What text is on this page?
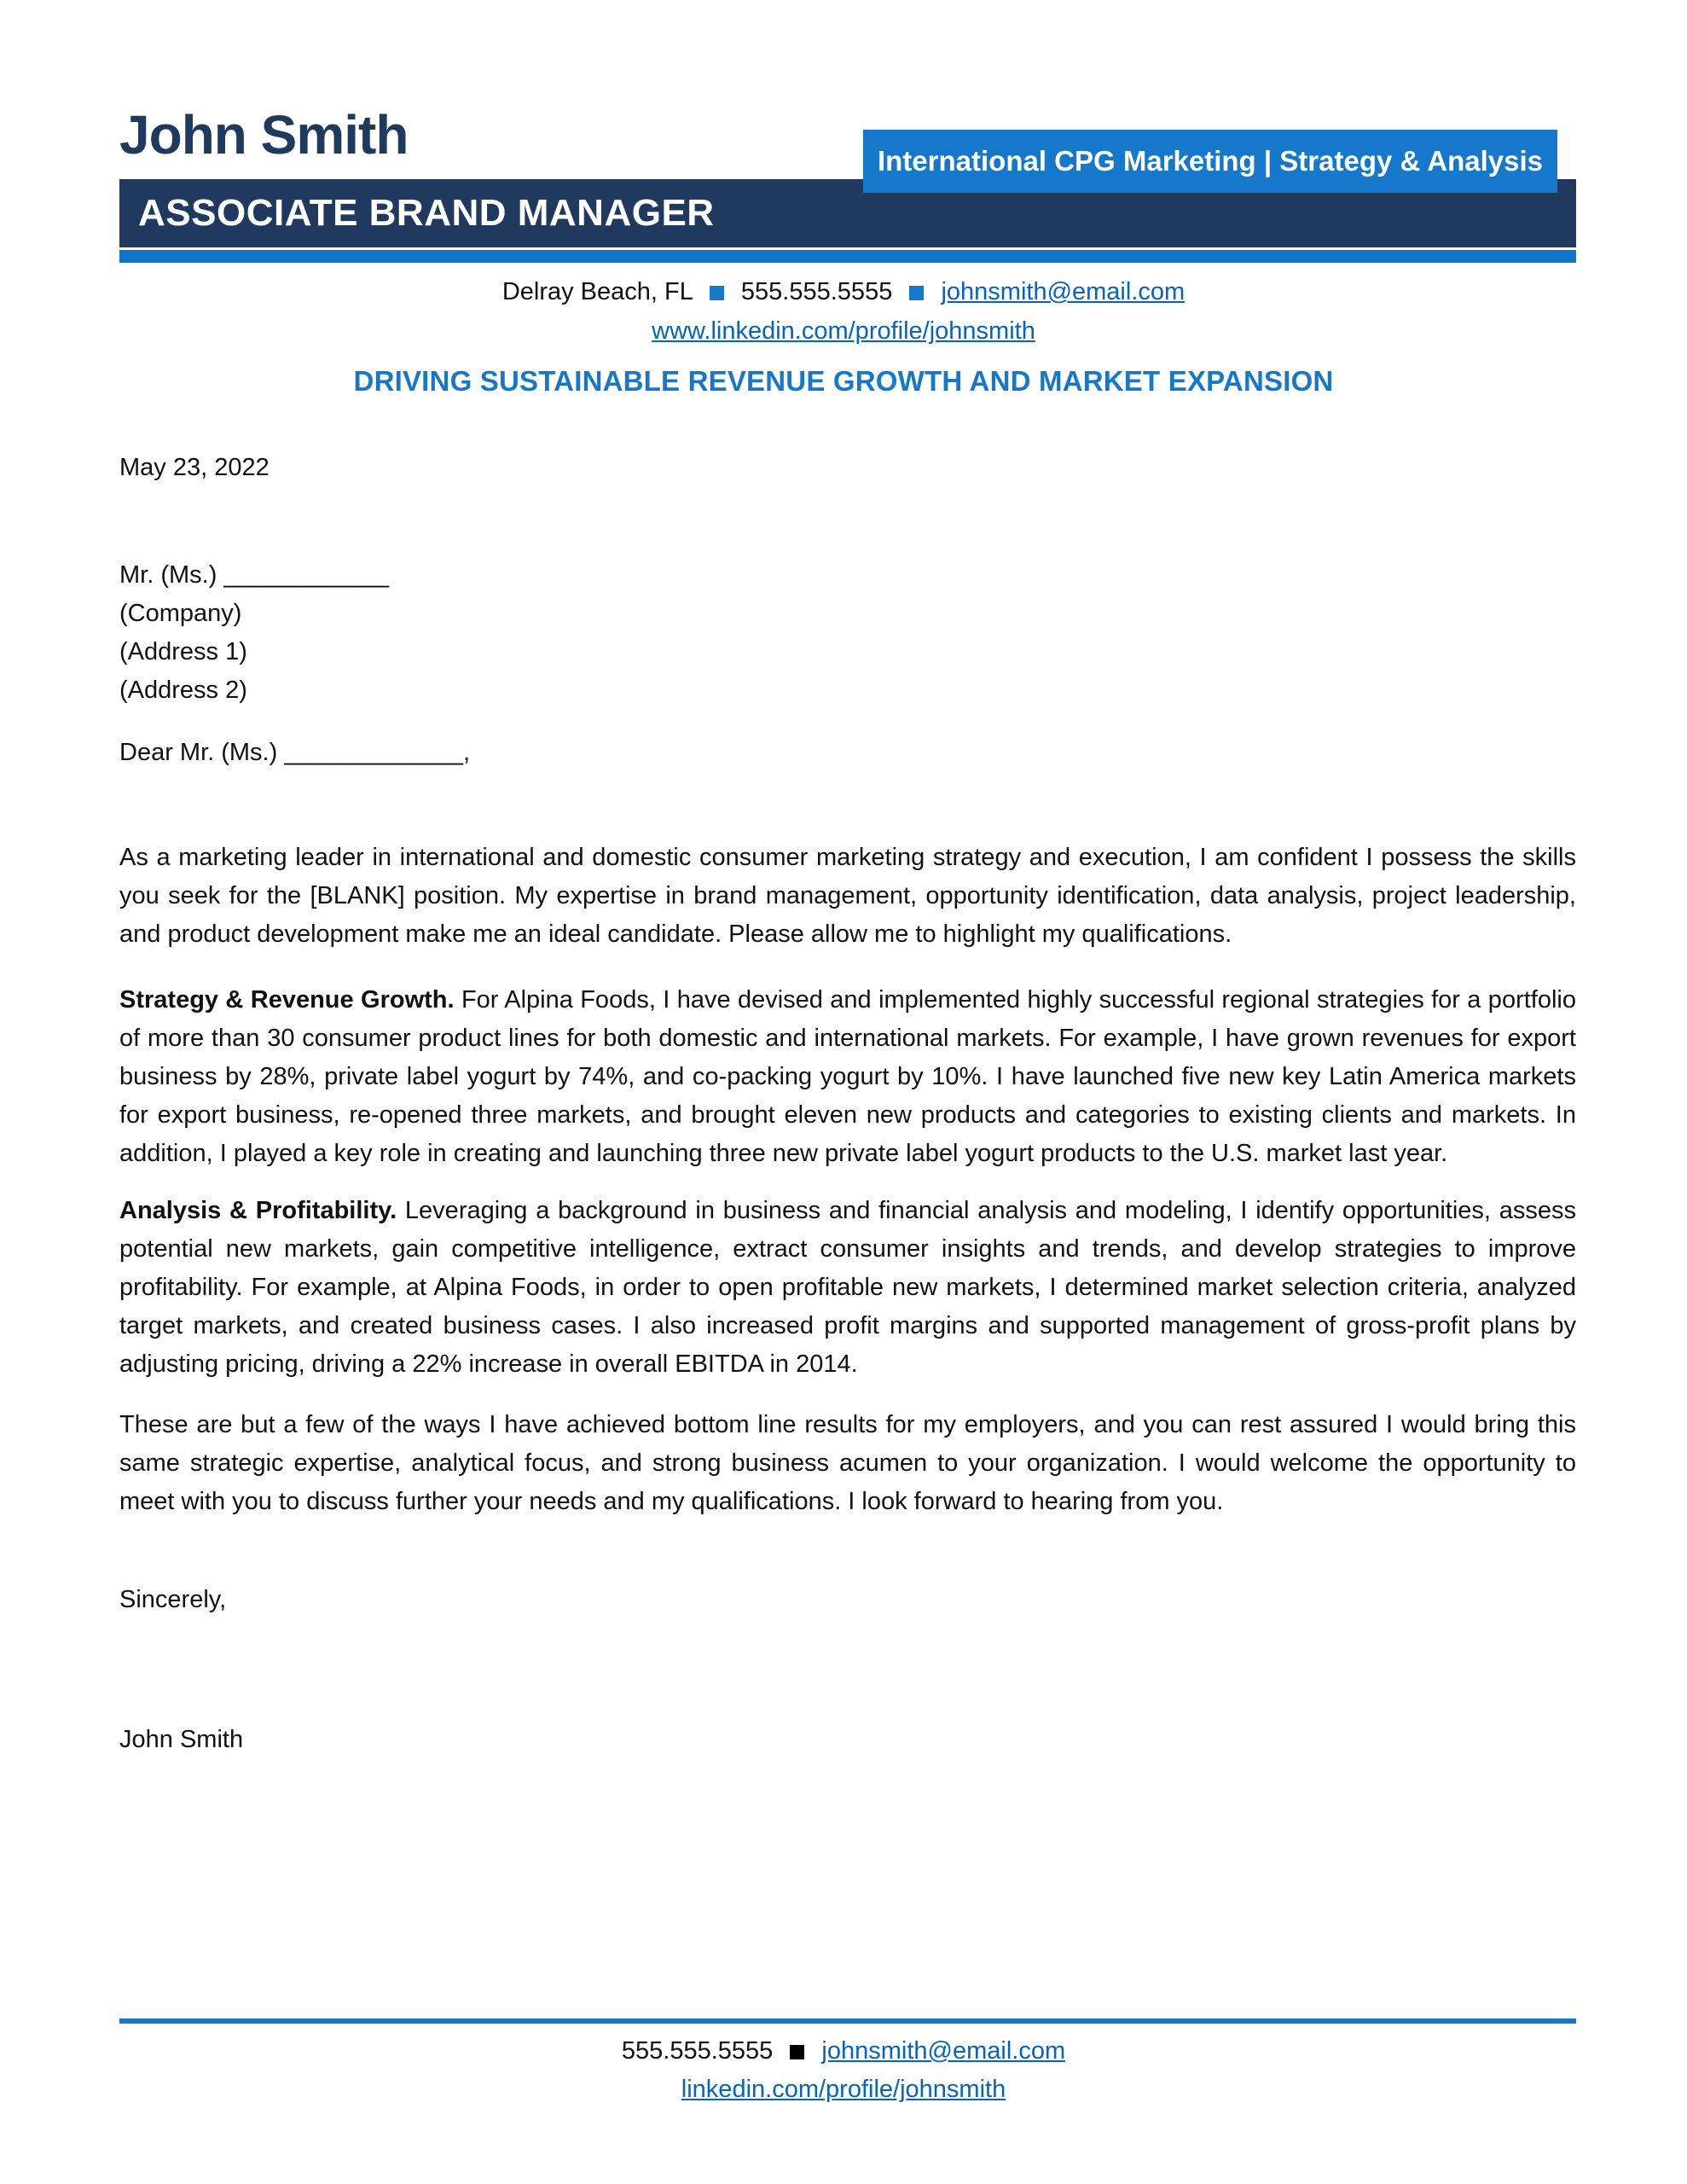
John Smith	International CPG Marketing | Strategy & Analysis
ASSOCIATE BRAND MANAGER
Delray Beach, FL 555.555.5555 johnsmith@email.com
www.linkedin.com/profile/johnsmith
DRIVING SUSTAINABLE REVENUE GROWTH AND MARKET EXPANSION

May 23, 2022

Mr. (Ms.) ____________

(Company)

(Address 1)

(Address 2)

Dear Mr. (Ms.) _____________,

As a marketing leader in international and domestic consumer marketing strategy and execution, I am confident I possess the skills you seek for the [BLANK] position. My expertise in brand management, opportunity identification, data analysis, project leadership, and product development make me an ideal candidate. Please allow me to highlight my qualifications.

Strategy & Revenue Growth. For Alpina Foods, I have devised and implemented highly successful regional strategies for a portfolio of more than 30 consumer product lines for both domestic and international markets. For example, I have grown revenues for export business by 28%, private label yogurt by 74%, and co-packing yogurt by 10%. I have launched five new key Latin America markets for export business, re-opened three markets, and brought eleven new products and categories to existing clients and markets. In addition, I played a key role in creating and launching three new private label yogurt products to the U.S. market last year.

Analysis & Profitability. Leveraging a background in business and financial analysis and modeling, I identify opportunities, assess potential new markets, gain competitive intelligence, extract consumer insights and trends, and develop strategies to improve profitability. For example, at Alpina Foods, in order to open profitable new markets, I determined market selection criteria, analyzed target markets, and created business cases. I also increased profit margins and supported management of gross-profit plans by adjusting pricing, driving a 22% increase in overall EBITDA in 2014.

These are but a few of the ways I have achieved bottom line results for my employers, and you can rest assured I would bring this same strategic expertise, analytical focus, and strong business acumen to your organization. I would welcome the opportunity to meet with you to discuss further your needs and my qualifications. I look forward to hearing from you.

Sincerely,

John Smith

555.555.5555 johnsmith@email.com
linkedin.com/profile/johnsmith
